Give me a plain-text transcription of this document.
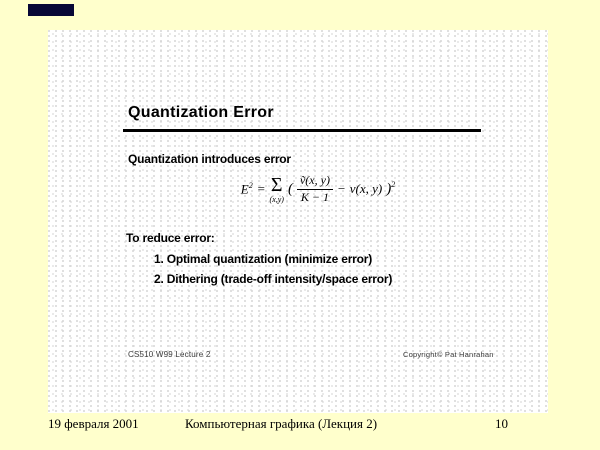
Quantization Error
Quantization introduces error
$E^2 = \Sigma$
(x,y)
( $\frac{\text{ṽ(x, y)}}{K - 1} - v(x$, y) )$^2$
To reduce error:
1. Optimal quantization (minimize error)
2. Dithering (trade-off intensity/space error)
CS510 W99 Lecture 2	Copyright© Pat Hanrahan
19 февраля 2001	Компьютерная графика (Лекция 2)	10
